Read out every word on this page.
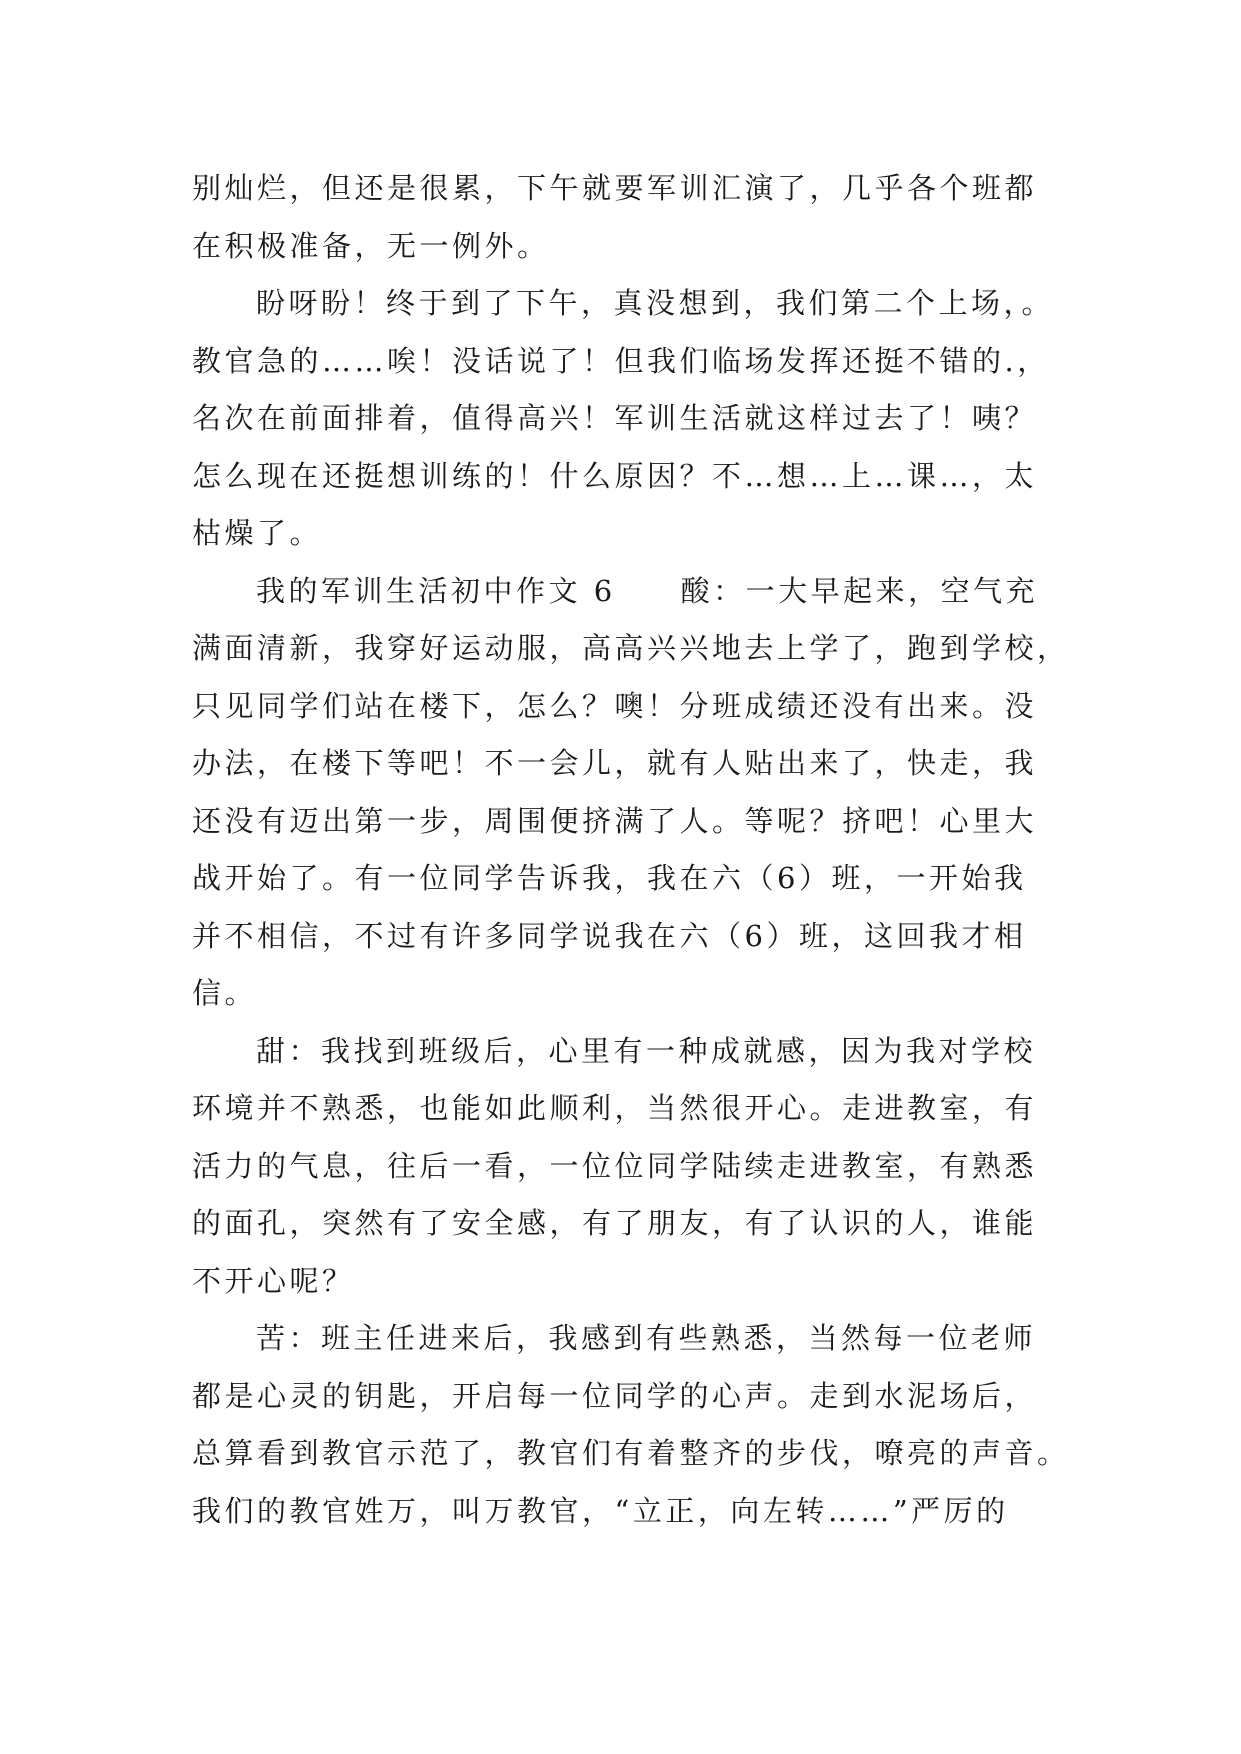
别灿烂，但还是很累，下午就要军训汇演了，几乎各个班都
在积极准备，无一例外。
盼呀盼！终于到了下午，真没想到，我们第二个上场，。
教官急的……唉！没话说了！但我们临场发挥还挺不错的.，
名次在前面排着，值得高兴！军训生活就这样过去了！咦？
怎么现在还挺想训练的！什么原因？不…想…上…课…，太
枯燥了。
我的军训生活初中作文 6　　酸：一大早起来，空气充
满面清新，我穿好运动服，高高兴兴地去上学了，跑到学校，
只见同学们站在楼下，怎么？噢！分班成绩还没有出来。没
办法，在楼下等吧！不一会儿，就有人贴出来了，快走，我
还没有迈出第一步，周围便挤满了人。等呢？挤吧！心里大
战开始了。有一位同学告诉我，我在六（6）班，一开始我
并不相信，不过有许多同学说我在六（6）班，这回我才相
信。
甜：我找到班级后，心里有一种成就感，因为我对学校
环境并不熟悉，也能如此顺利，当然很开心。走进教室，有
活力的气息，往后一看，一位位同学陆续走进教室，有熟悉
的面孔，突然有了安全感，有了朋友，有了认识的人，谁能
不开心呢？
苦：班主任进来后，我感到有些熟悉，当然每一位老师
都是心灵的钥匙，开启每一位同学的心声。走到水泥场后，
总算看到教官示范了，教官们有着整齐的步伐，嘹亮的声音。
我们的教官姓万，叫万教官，“立正，向左转……”严厉的
